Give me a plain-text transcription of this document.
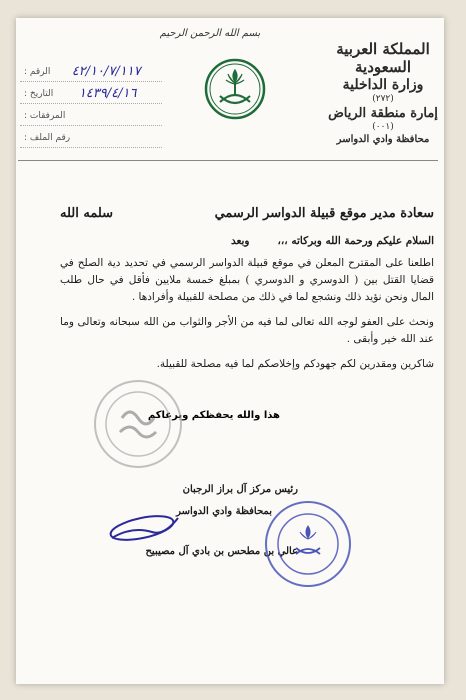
بسم الله الرحمن الرحيم
المملكة العربية السعودية
وزارة الداخلية
(٢٧٢)
إمارة منطقة الرياض
(٠٠١)
محافظة وادي الدواسر
الرقم :	٤٢/١٠/٧/١١٧
التاريخ :	١٤٣٩/٤/١٦
المرفقات :
رقم الملف :
سعادة مدير موقع قبيلة الدواسر الرسمي
سلمه الله
السلام عليكم ورحمة الله وبركاته ،،،
وبعد
اطلعنا على المقترح المعلن في موقع قبيلة الدواسر الرسمي في تحديد دية الصلح في قضايا القتل بين ( الدوسري و الدوسري ) بمبلغ خمسة ملايين فأقل في حال طلب المال ونحن نؤيد ذلك ونشجع لما في ذلك من مصلحة للقبيلة وأفرادها .
ونحث على العفو لوجه الله تعالى لما فيه من الأجر والثواب من الله سبحانه وتعالى وما عند الله خير وأبقى .
شاكرين ومقدرين لكم جهودكم وإخلاصكم لما فيه مصلحة للقبيلة.
هذا والله يحفظكم ويرعاكم
رئيس مركز آل براز الرجبان
بمحافظة وادي الدواسر
عالي بن مطحس بن بادي آل مصيبيح
